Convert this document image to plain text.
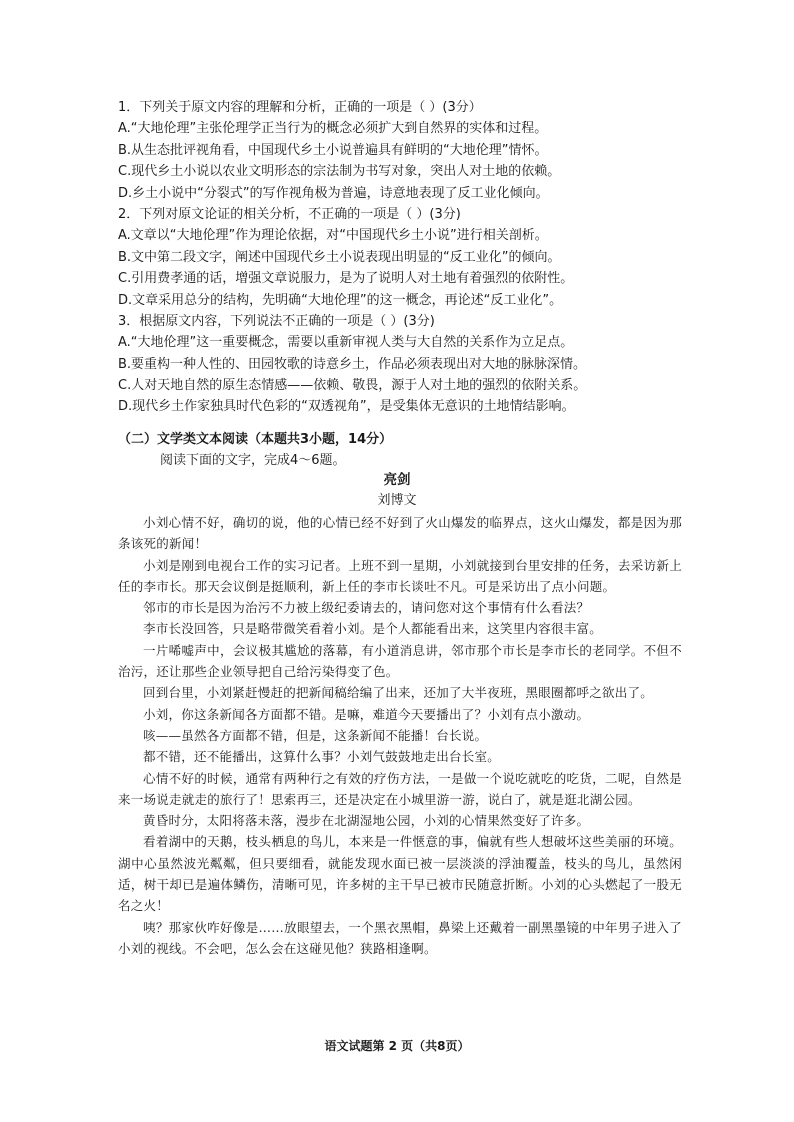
1．下列关于原文内容的理解和分析，正确的一项是（ ）(3分）
A.“大地伦理”主张伦理学正当行为的概念必须扩大到自然界的实体和过程。
B.从生态批评视角看，中国现代乡土小说普遍具有鲜明的“大地伦理”情怀。
C.现代乡土小说以农业文明形态的宗法制为书写对象，突出人对土地的依赖。
D.乡土小说中“分裂式”的写作视角极为普遍，诗意地表现了反工业化倾向。
2．下列对原文论证的相关分析，不正确的一项是（ ）(3分)
A.文章以“大地伦理”作为理论依据，对“中国现代乡土小说”进行相关剖析。
B.文中第二段文字，阐述中国现代乡土小说表现出明显的“反工业化”的倾向。
C.引用费孝通的话，增强文章说服力，是为了说明人对土地有着强烈的依附性。
D.文章采用总分的结构，先明确“大地伦理”的这一概念，再论述“反工业化”。
3．根据原文内容，下列说法不正确的一项是（ ）(3分)
A.“大地伦理”这一重要概念，需要以重新审视人类与大自然的关系作为立足点。
B.要重构一种人性的、田园牧歌的诗意乡土，作品必须表现出对大地的脉脉深情。
C.人对天地自然的原生态情感——依赖、敬畏，源于人对土地的强烈的依附关系。
D.现代乡土作家独具时代色彩的“双透视角”，是受集体无意识的土地情结影响。
（二）文学类文本阅读（本题共3小题，14分）
阅读下面的文字，完成4～6题。
亮剑
刘博文

小刘心情不好，确切的说，他的心情已经不好到了火山爆发的临界点，这火山爆发，都是因为那条该死的新闻！

小刘是刚到电视台工作的实习记者。上班不到一星期，小刘就接到台里安排的任务，去采访新上任的李市长。那天会议倒是挺顺利，新上任的李市长谈吐不凡。可是采访出了点小问题。

邻市的市长是因为治污不力被上级纪委请去的，请问您对这个事情有什么看法？

李市长没回答，只是略带微笑看着小刘。是个人都能看出来，这笑里内容很丰富。

一片唏嘘声中，会议极其尴尬的落幕，有小道消息讲，邻市那个市长是李市长的老同学。不但不治污，还让那些企业领导把自己给污染得变了色。

回到台里，小刘紧赶慢赶的把新闻稿给编了出来，还加了大半夜班，黑眼圈都呼之欲出了。

小刘，你这条新闻各方面都不错。是嘛，难道今天要播出了？小刘有点小激动。

咳——虽然各方面都不错，但是，这条新闻不能播！台长说。

都不错，还不能播出，这算什么事？小刘气鼓鼓地走出台长室。

心情不好的时候，通常有两种行之有效的疗伤方法，一是做一个说吃就吃的吃货，二呢，自然是来一场说走就走的旅行了！思索再三，还是决定在小城里游一游，说白了，就是逛北湖公园。

黄昏时分，太阳将落未落，漫步在北湖湿地公园，小刘的心情果然变好了许多。

看着湖中的天鹅，枝头栖息的鸟儿，本来是一件惬意的事，偏就有些人想破坏这些美丽的环境。湖中心虽然波光粼粼，但只要细看，就能发现水面已被一层淡淡的浮油覆盖，枝头的鸟儿，虽然闲适，树干却已是遍体鳞伤，清晰可见，许多树的主干早已被市民随意折断。小刘的心头燃起了一股无名之火！

咦？那家伙咋好像是……放眼望去，一个黑衣黑帽，鼻梁上还戴着一副黑墨镜的中年男子进入了小刘的视线。不会吧，怎么会在这碰见他？狭路相逢啊。

语文试题第 2 页（共8页）
